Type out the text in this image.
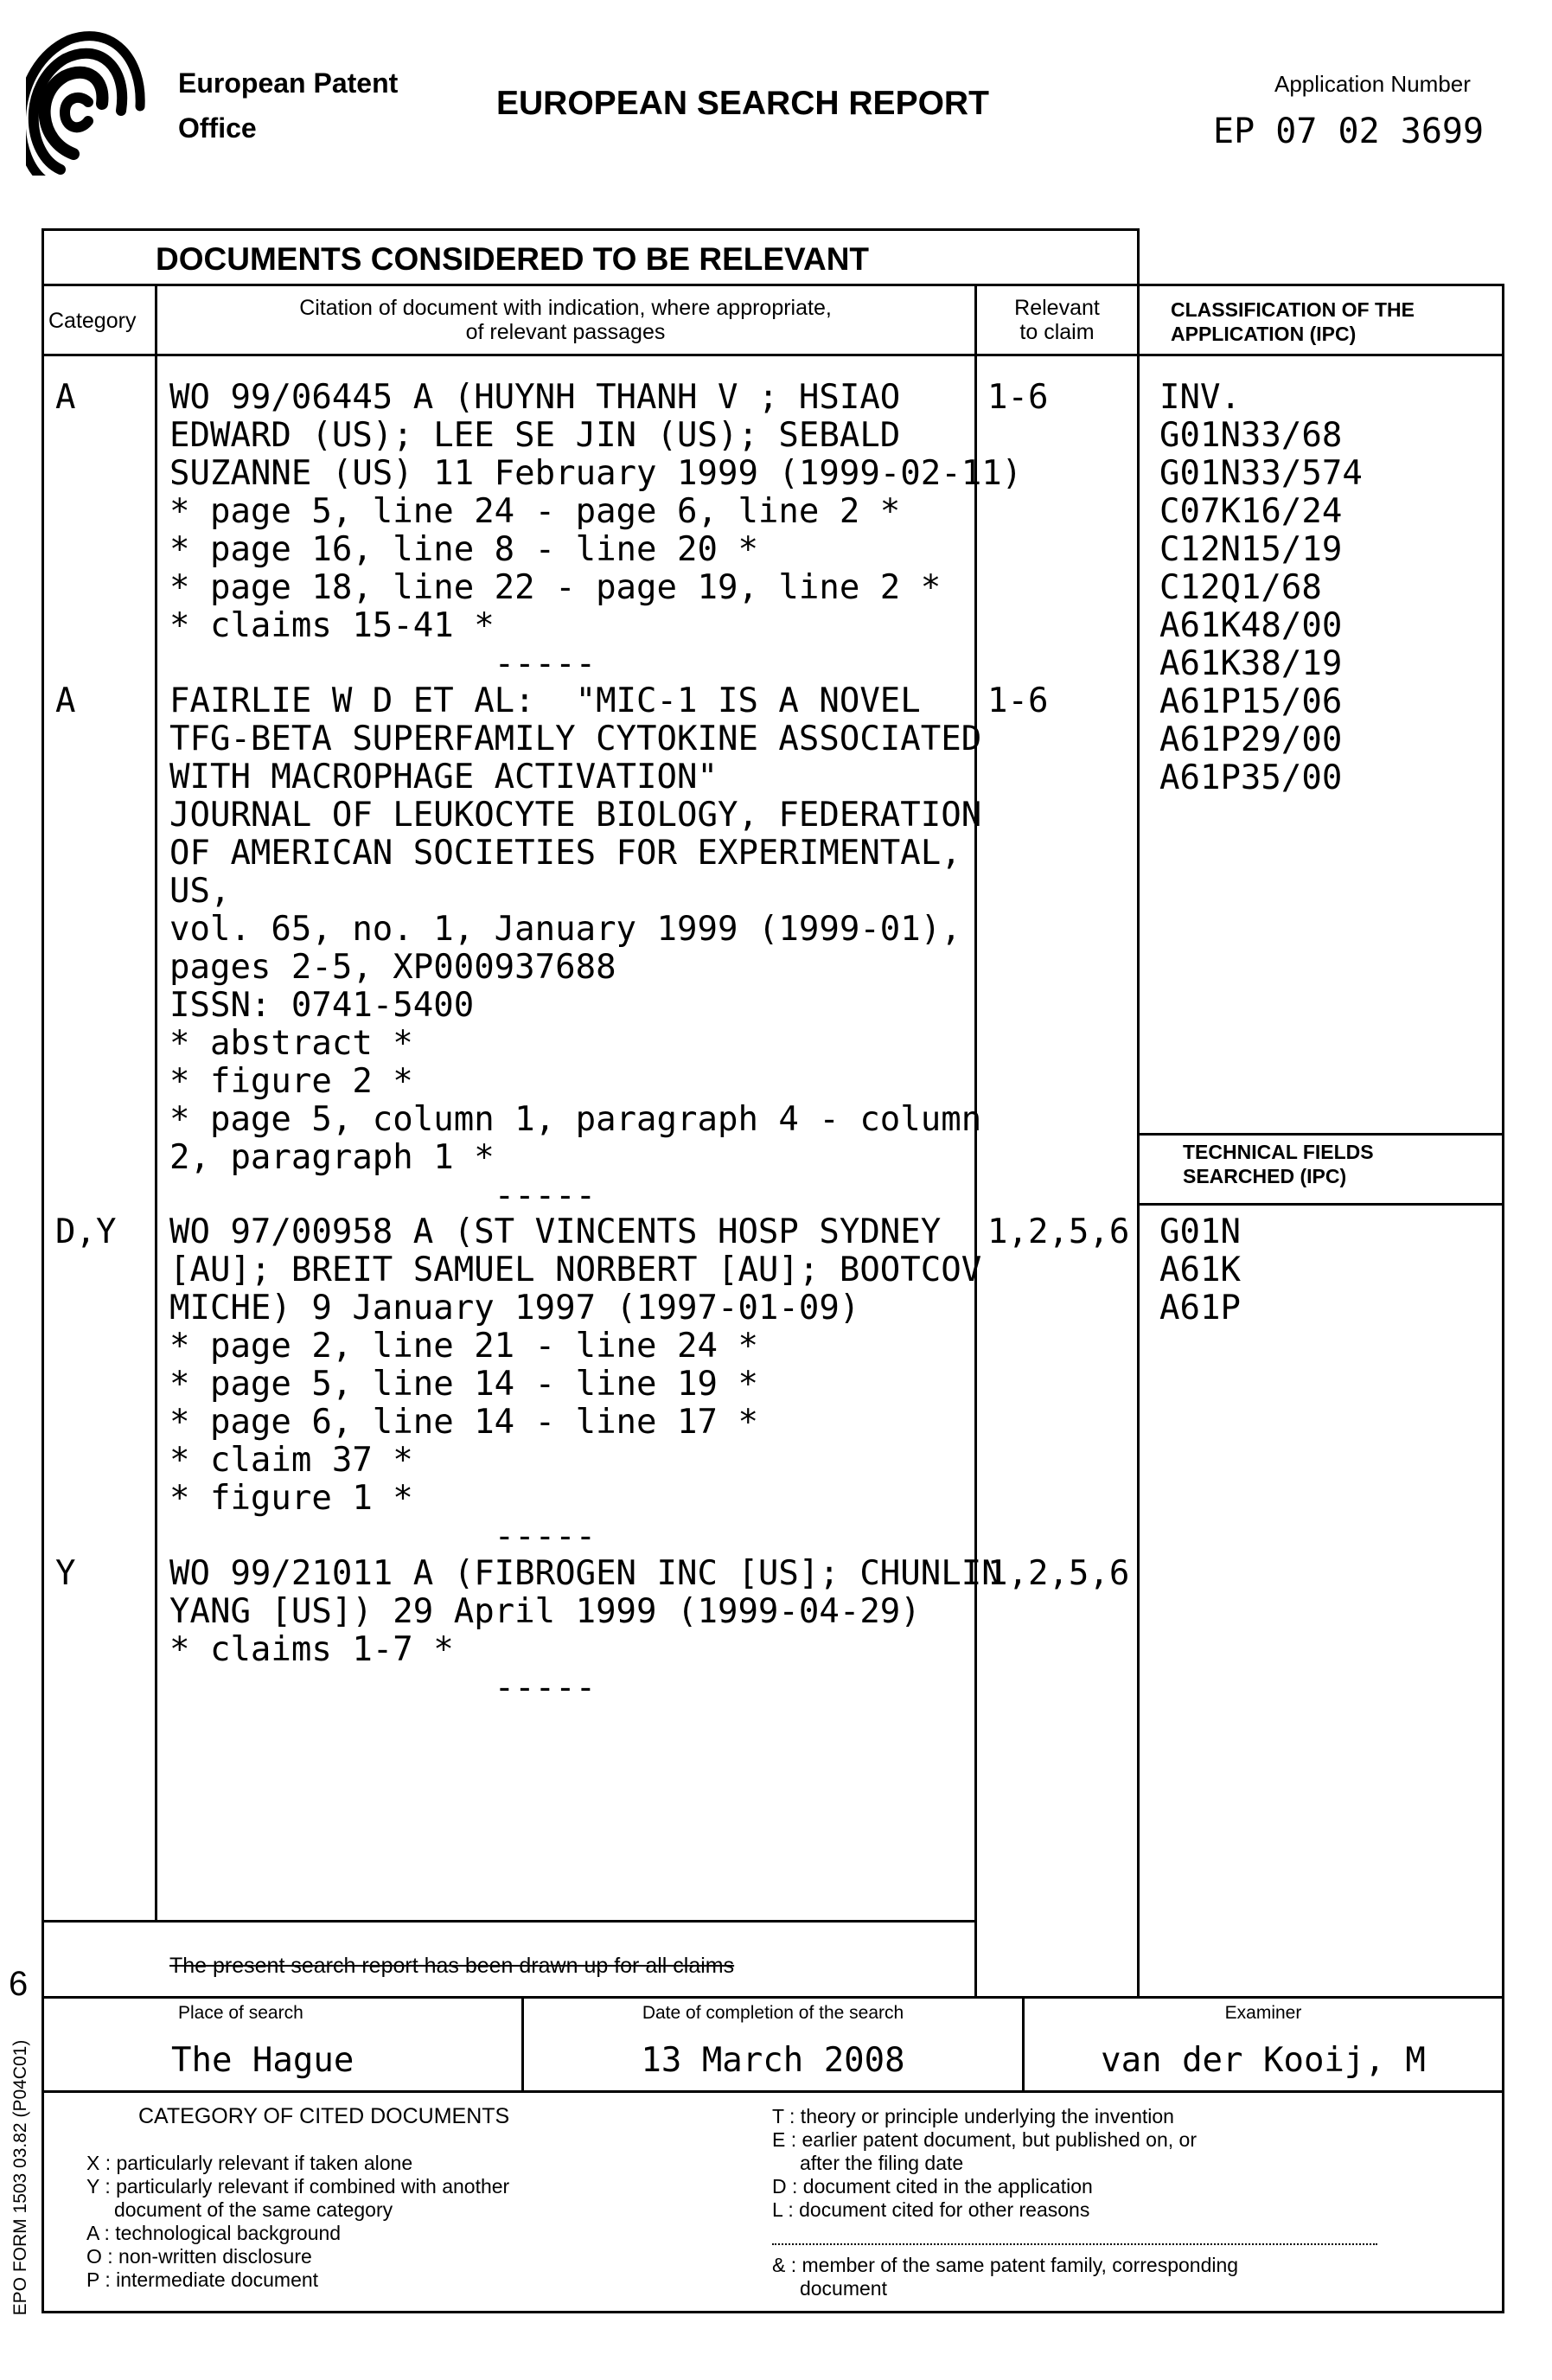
European Patent
Office
EUROPEAN SEARCH REPORT
Application Number
EP 07 02 3699
DOCUMENTS CONSIDERED TO BE RELEVANT
Category
Citation of document with indication, where appropriate,
of relevant passages
Relevant
to claim
CLASSIFICATION OF THE
APPLICATION (IPC)
A	WO 99/06445 A (HUYNH THANH V ; HSIAO
EDWARD (US); LEE SE JIN (US); SEBALD
SUZANNE (US) 11 February 1999 (1999-02-11)
* page 5, line 24 - page 6, line 2 *
* page 16, line 8 - line 20 *
* page 18, line 22 - page 19, line 2 *
* claims 15-41 *
-----
1-6
A	FAIRLIE W D ET AL:  "MIC-1 IS A NOVEL
TFG-BETA SUPERFAMILY CYTOKINE ASSOCIATED
WITH MACROPHAGE ACTIVATION"
JOURNAL OF LEUKOCYTE BIOLOGY, FEDERATION
OF AMERICAN SOCIETIES FOR EXPERIMENTAL,
US,
vol. 65, no. 1, January 1999 (1999-01),
pages 2-5, XP000937688
ISSN: 0741-5400
* abstract *
* figure 2 *
* page 5, column 1, paragraph 4 - column
2, paragraph 1 *
-----
1-6
D,Y WO 97/00958 A (ST VINCENTS HOSP SYDNEY
[AU]; BREIT SAMUEL NORBERT [AU]; BOOTCOV
MICHE) 9 January 1997 (1997-01-09)
* page 2, line 21 - line 24 *
* page 5, line 14 - line 19 *
* page 6, line 14 - line 17 *
* claim 37 *
* figure 1 *
-----
1,2,5,6
Y	WO 99/21011 A (FIBROGEN INC [US]; CHUNLIN
YANG [US]) 29 April 1999 (1999-04-29)
* claims 1-7 *
-----
1,2,5,6
INV.
G01N33/68
G01N33/574
C07K16/24
C12N15/19
C12Q1/68
A61K48/00
A61K38/19
A61P15/06
A61P29/00
A61P35/00
TECHNICAL FIELDS
SEARCHED (IPC)
G01N
A61K
A61P
The present search report has been drawn up for all claims
Place of search
The Hague
Date of completion of the search
13 March 2008
Examiner
van der Kooij, M
CATEGORY OF CITED DOCUMENTS
X : particularly relevant if taken alone
Y : particularly relevant if combined with another
document of the same category
A : technological background
O : non-written disclosure
P : intermediate document
T : theory or principle underlying the invention
E : earlier patent document, but published on, or
after the filing date
D : document cited in the application
L : document cited for other reasons
& : member of the same patent family, corresponding
document
6
EPO FORM 1503 03.82 (P04C01)
